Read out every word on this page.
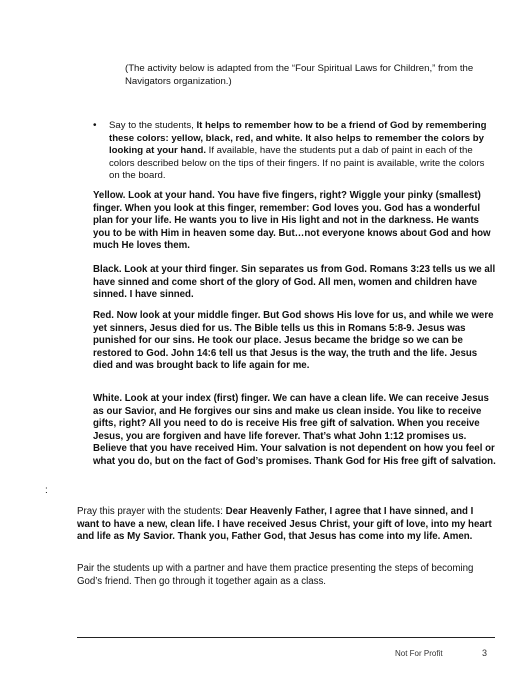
(The activity below is adapted from the “Four Spiritual Laws for Children,” from the Navigators organization.)
• Say to the students, It helps to remember how to be a friend of God by remembering these colors: yellow, black, red, and white. It also helps to remember the colors by looking at your hand. If available, have the students put a dab of paint in each of the colors described below on the tips of their fingers. If no paint is available, write the colors on the board.
Yellow. Look at your hand. You have five fingers, right? Wiggle your pinky (smallest) finger. When you look at this finger, remember: God loves you. God has a wonderful plan for your life. He wants you to live in His light and not in the darkness. He wants you to be with Him in heaven some day. But…not everyone knows about God and how much He loves them.
Black. Look at your third finger. Sin separates us from God. Romans 3:23 tells us we all have sinned and come short of the glory of God. All men, women and children have sinned. I have sinned.
Red. Now look at your middle finger. But God shows His love for us, and while we were yet sinners, Jesus died for us. The Bible tells us this in Romans 5:8-9. Jesus was punished for our sins. He took our place. Jesus became the bridge so we can be restored to God. John 14:6 tell us that Jesus is the way, the truth and the life. Jesus died and was brought back to life again for me.
White. Look at your index (first) finger. We can have a clean life. We can receive Jesus as our Savior, and He forgives our sins and make us clean inside. You like to receive gifts, right? All you need to do is receive His free gift of salvation. When you receive Jesus, you are forgiven and have life forever. That’s what John 1:12 promises us. Believe that you have received Him. Your salvation is not dependent on how you feel or what you do, but on the fact of God’s promises. Thank God for His free gift of salvation.
:
Pray this prayer with the students: Dear Heavenly Father, I agree that I have sinned, and I want to have a new, clean life. I have received Jesus Christ, your gift of love, into my heart and life as My Savior. Thank you, Father God, that Jesus has come into my life. Amen.
Pair the students up with a partner and have them practice presenting the steps of becoming God’s friend. Then go through it together again as a class.
Not For Profit	3
